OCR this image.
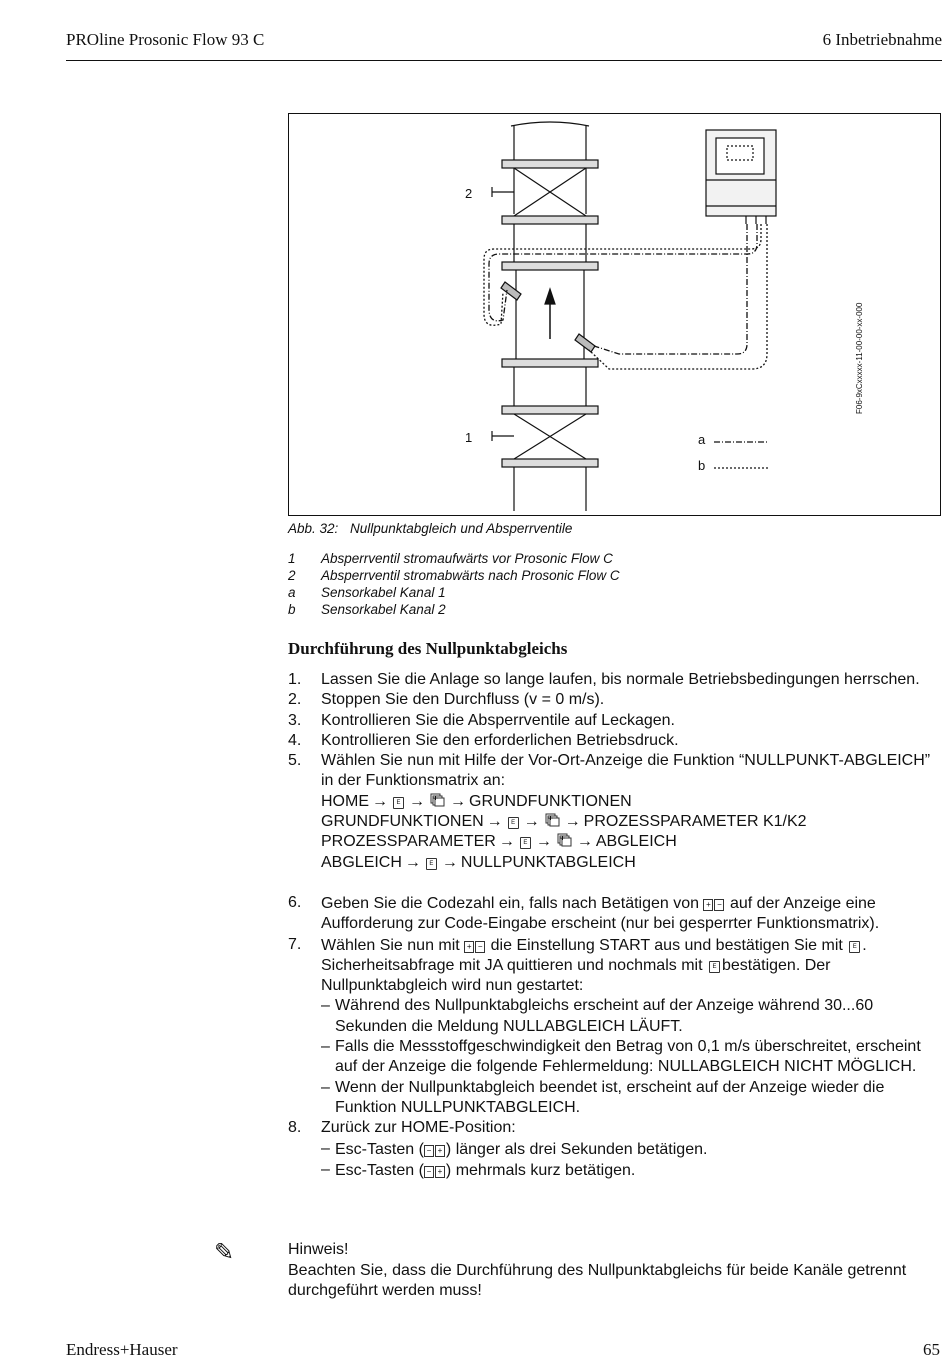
PROline Prosonic Flow 93 C	6 Inbetriebnahme
2
1	a
b
F06-9xCxxxxx-11-00-00-xx-000
Abb. 32: Nullpunktabgleich und Absperrventile
1 Absperrventil stromaufwärts vor Prosonic Flow C
2 Absperrventil stromabwärts nach Prosonic Flow C
a Sensorkabel Kanal 1
b Sensorkabel Kanal 2
Durchführung des Nullpunktabgleichs
1.	Lassen Sie die Anlage so lange laufen, bis normale Betriebsbedingungen herrschen.
2.	Stoppen Sie den Durchfluss (v = 0 m/s).
3.	Kontrollieren Sie die Absperrventile auf Leckagen.
4.	Kontrollieren Sie den erforderlichen Betriebsdruck.
5.	Wählen Sie nun mit Hilfe der Vor-Ort-Anzeige die Funktion “NULLPUNKT-ABGLEICH” in der Funktionsmatrix an:
HOME → E → → GRUNDFUNKTIONEN
GRUNDFUNKTIONEN → E → → PROZESSPARAMETER K1/K2
PROZESSPARAMETER → E → → ABGLEICH
ABGLEICH → E → NULLPUNKTABGLEICH
6.	Geben Sie die Codezahl ein, falls nach Betätigen von + − auf der Anzeige eine Aufforderung zur Code-Eingabe erscheint (nur bei gesperrter Funktionsmatrix).
7.	Wählen Sie nun mit + − die Einstellung START aus und bestätigen Sie mit E . Sicherheitsabfrage mit JA quittieren und nochmals mit E bestätigen. Der Nullpunktabgleich wird nun gestartet:
– Während des Nullpunktabgleichs erscheint auf der Anzeige während 30...60 Sekunden die Meldung NULLABGLEICH LÄUFT.
– Falls die Messstoffgeschwindigkeit den Betrag von 0,1 m/s überschreitet, erscheint auf der Anzeige die folgende Fehlermeldung: NULLABGLEICH NICHT MÖGLICH.
– Wenn der Nullpunktabgleich beendet ist, erscheint auf der Anzeige wieder die Funktion NULLPUNKTABGLEICH.
8.	Zurück zur HOME-Position:
– Esc-Tasten ( − + ) länger als drei Sekunden betätigen.
– Esc-Tasten ( − + ) mehrmals kurz betätigen.
✎	Hinweis!
Beachten Sie, dass die Durchführung des Nullpunktabgleichs für beide Kanäle getrennt durchgeführt werden muss!
Endress+Hauser	65
